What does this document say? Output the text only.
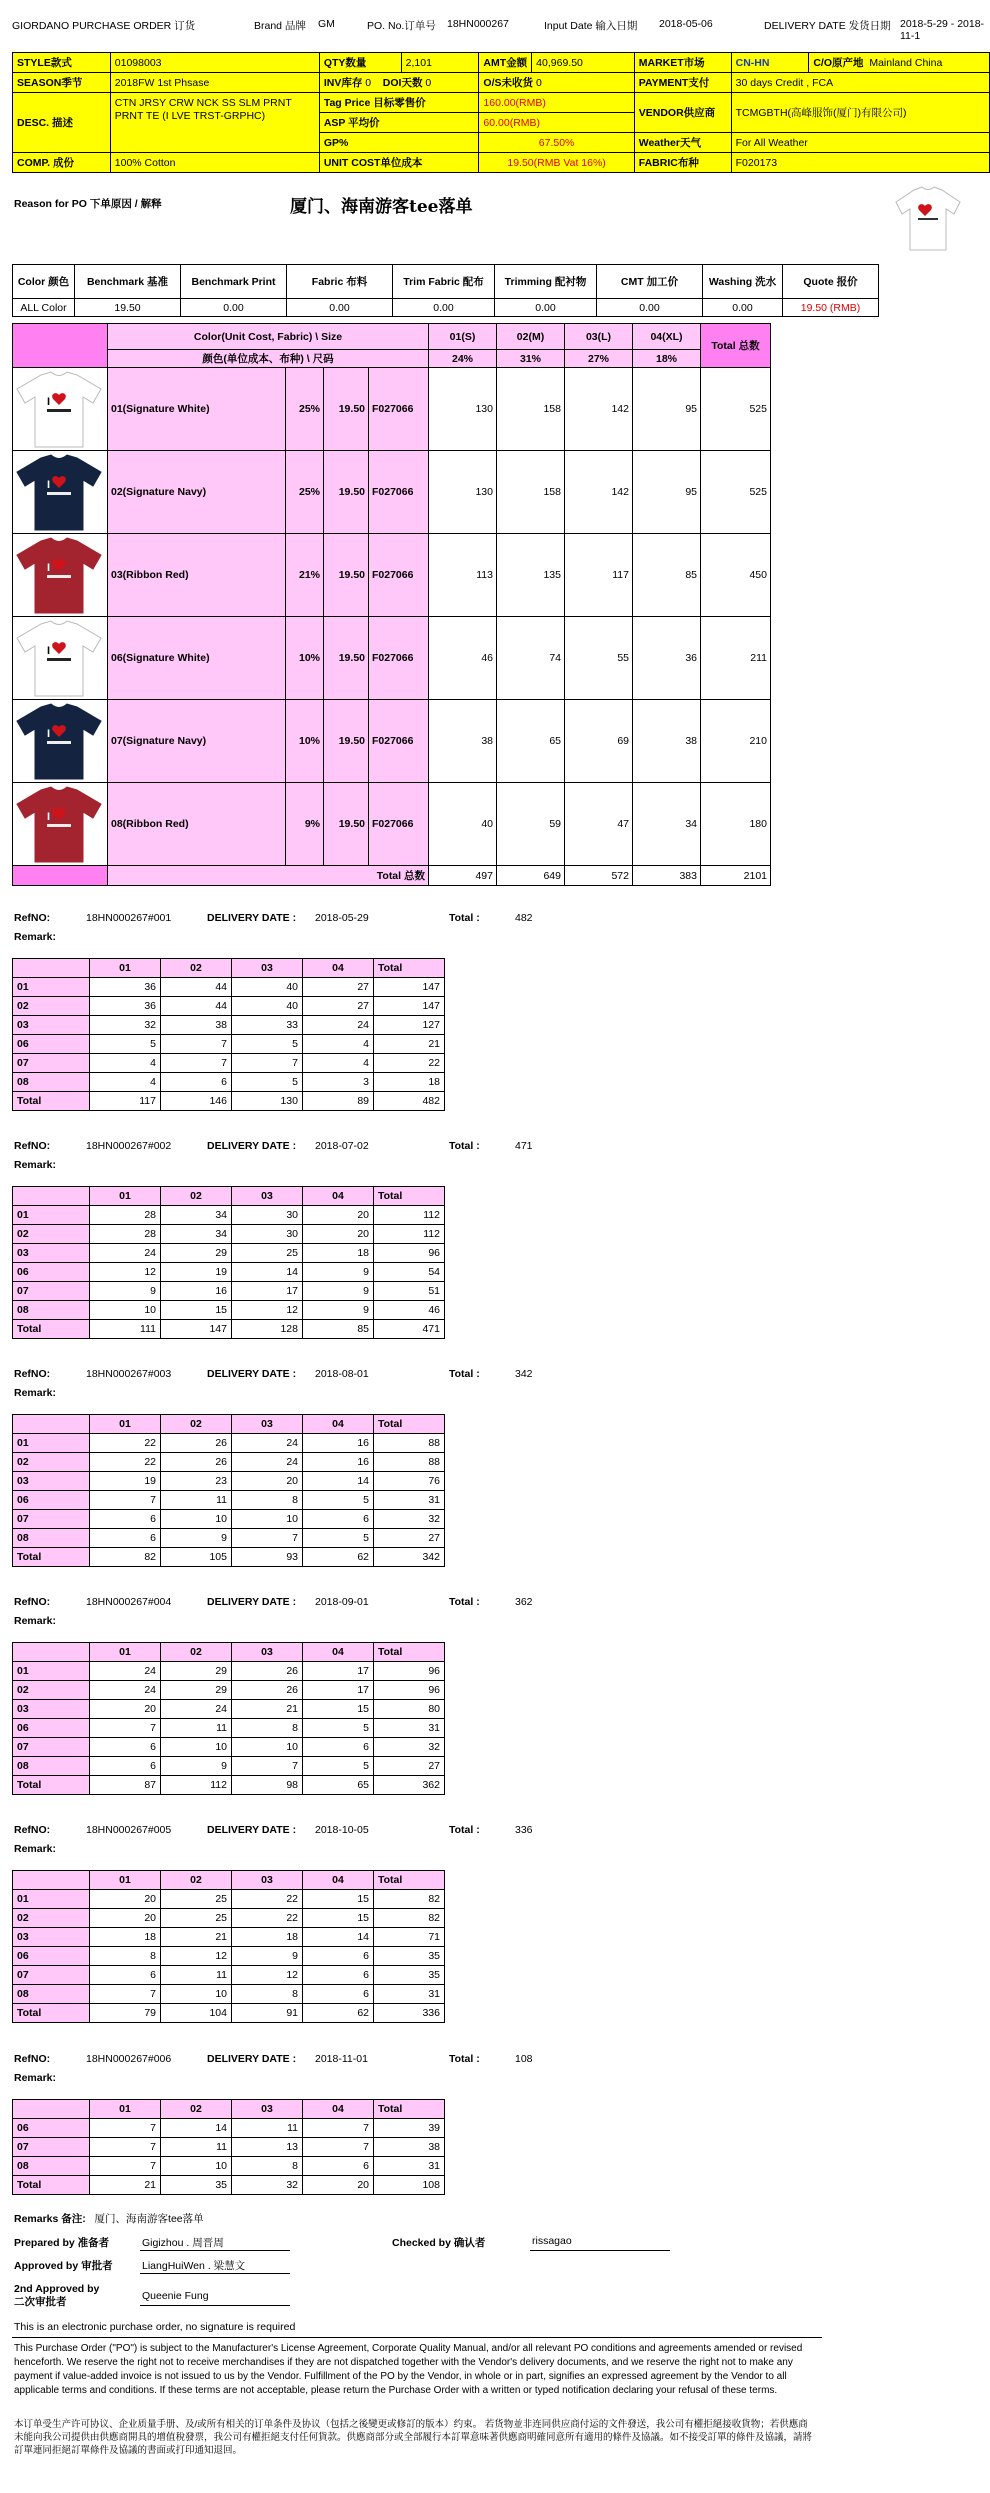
GIORDANO PURCHASE ORDER 订货	Brand 品牌 GM	PO. No.订单号 18HN000267	Input Date 输入日期 2018-05-06	DELIVERY DATE 发货日期 2018-5-29 - 2018-11-1
STYLE款式	01098003	QTY数量	2,101	AMT金额	40,969.50	MARKET市场	CN-HN	C/O原产地 Mainland China
SEASON季节	2018FW 1st Phsase	INV库存 0 DOI天数 0		O/S未收货 0		PAYMENT支付	30 days Credit , FCA	
DESC. 描述	CTN JRSY CRW NCK SS SLM PRNT PRNT TE (I LVE TRST-GRPHC)	Tag Price 目标零售价		160.00(RMB)		VENDOR供应商	TCMGBTH(高峰服饰(厦门)有限公司)	
		ASP 平均价		60.00(RMB)				
		GP%		67.50%		Weather天气	For All Weather	
COMP. 成份	100% Cotton	UNIT COST单位成本		19.50(RMB Vat 16%)		FABRIC布种	F020173	
Reason for PO 下单原因 / 解释	厦门、海南游客tee落单
Color 颜色	Benchmark 基准	Benchmark Print	Fabric 布料	Trim Fabric 配布	Trimming 配衬物	CMT 加工价	Washing 洗水	Quote 报价
ALL Color	19.50	0.00	0.00	0.00	0.00	0.00	0.00	19.50 (RMB)
	Color(Unit Cost, Fabric) \ Size				01(S)	02(M)	03(L)	04(XL)	Total 总数
	颜色(单位成本、布种) \ 尺码				24%	31%	27%	18%	

I	01(Signature White)	25%	19.50	F027066	130	158	142	95	525

I	02(Signature Navy)	25%	19.50	F027066	130	158	142	95	525

I	03(Ribbon Red)	21%	19.50	F027066	113	135	117	85	450

I	06(Signature White)	10%	19.50	F027066	46	74	55	36	211

I	07(Signature Navy)	10%	19.50	F027066	38	65	69	38	210

I	08(Ribbon Red)	9%	19.50	F027066	40	59	47	34	180
	Total 总数				497	649	572	383	2101
RefNO:	18HN000267#001	DELIVERY DATE : 2018-05-29	Total :	482
Remark:
	01	02	03	04	Total
01	36	44	40	27	147
02	36	44	40	27	147
03	32	38	33	24	127
06	5	7	5	4	21
07	4	7	7	4	22
08	4	6	5	3	18
Total	117	146	130	89	482
RefNO:	18HN000267#002	DELIVERY DATE : 2018-07-02	Total :	471
Remark:
	01	02	03	04	Total
01	28	34	30	20	112
02	28	34	30	20	112
03	24	29	25	18	96
06	12	19	14	9	54
07	9	16	17	9	51
08	10	15	12	9	46
Total	111	147	128	85	471
RefNO:	18HN000267#003	DELIVERY DATE : 2018-08-01	Total :	342
Remark:
	01	02	03	04	Total
01	22	26	24	16	88
02	22	26	24	16	88
03	19	23	20	14	76
06	7	11	8	5	31
07	6	10	10	6	32
08	6	9	7	5	27
Total	82	105	93	62	342
RefNO:	18HN000267#004	DELIVERY DATE : 2018-09-01	Total :	362
Remark:
	01	02	03	04	Total
01	24	29	26	17	96
02	24	29	26	17	96
03	20	24	21	15	80
06	7	11	8	5	31
07	6	10	10	6	32
08	6	9	7	5	27
Total	87	112	98	65	362
RefNO:	18HN000267#005	DELIVERY DATE : 2018-10-05	Total :	336
Remark:
	01	02	03	04	Total
01	20	25	22	15	82
02	20	25	22	15	82
03	18	21	18	14	71
06	8	12	9	6	35
07	6	11	12	6	35
08	7	10	8	6	31
Total	79	104	91	62	336
RefNO:	18HN000267#006	DELIVERY DATE : 2018-11-01	Total :	108
Remark:
	01	02	03	04	Total
06	7	14	11	7	39
07	7	11	13	7	38
08	7	10	8	6	31
Total	21	35	32	20	108
Remarks 备注: 厦门、海南游客tee落单
Prepared by 准备者	Gigizhou . 周晋周	Checked by 确认者	rissagao
Approved by 审批者	LiangHuiWen . 梁慧文
2nd Approved by
二次审批者	Queenie Fung
This is an electronic purchase order, no signature is required
This Purchase Order ("PO") is subject to the Manufacturer's License Agreement, Corporate Quality Manual, and/or all relevant PO conditions and agreements amended or revised henceforth. We reserve the right not to receive merchandises if they are not dispatched together with the Vendor's delivery documents, and we reserve the right not to make any payment if value-added invoice is not issued to us by the Vendor. Fulfillment of the PO by the Vendor, in whole or in part, signifies an expressed agreement by the Vendor to all applicable terms and conditions. If these terms are not acceptable, please return the Purchase Order with a written or typed notification declaring your refusal of these terms.
本订单受生产许可协议、企业质量手册、及/或所有相关的订单条件及协议（包括之後變更或修訂的版本）约束。 若货物並非连同供应商付运的文件發送，我公司有權拒絕接收貨物；若供應商未能向我公司提供由供應商開具的增值稅發票，我公司有權拒絕支付任何貨款。供應商部分或全部履行本訂單意味著供應商明確同意所有適用的條件及協議。如不接受訂單的條件及協議，請將訂單連同拒絕訂單條件及協議的書面或打印通知退回。
